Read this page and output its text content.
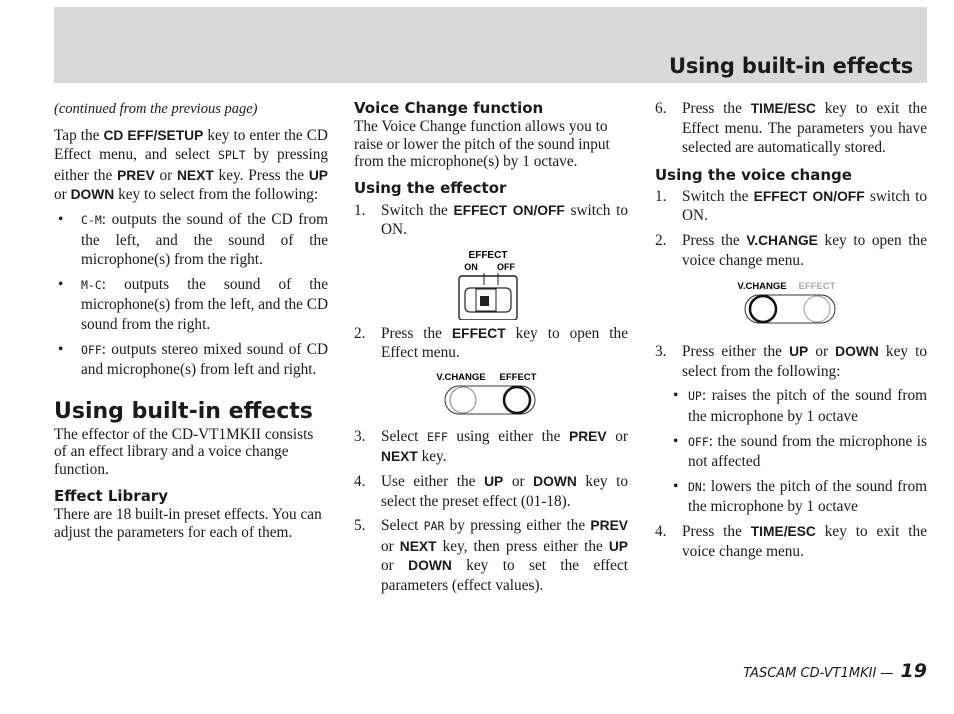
Using built-in effects

(continued from the previous page)

Tap the CD EFF/SETUP key to enter the CD Effect menu, and select SPLT by pressing either the PREV or NEXT key. Press the UP or DOWN key to select from the following:

• C-M: outputs the sound of the CD from the left, and the sound of the microphone(s) from the right.
• M-C: outputs the sound of the microphone(s) from the left, and the CD sound from the right.
• OFF: outputs stereo mixed sound of CD and microphone(s) from left and right.
Using built-in effects

The effector of the CD-VT1MKII consists of an effect library and a voice change function.

Effect Library

There are 18 built-in preset effects. You can adjust the parameters for each of them.

Voice Change function

The Voice Change function allows you to raise or lower the pitch of the sound input from the microphone(s) by 1 octave.

Using the effector
1. Switch the EFFECT ON/OFF switch to ON.
EFFECT
ON OFF
2. Press the EFFECT key to open the Effect menu.
V.CHANGE EFFECT
3. Select EFF using either the PREV or NEXT key.
4. Use either the UP or DOWN key to select the preset effect (01-18).
5. Select PAR by pressing either the PREV or NEXT key, then press either the UP or DOWN key to set the effect parameters (effect values).
6. Press the TIME/ESC key to exit the Effect menu. The parameters you have selected are automatically stored.
Using the voice change
1. Switch the EFFECT ON/OFF switch to ON.
2. Press the V.CHANGE key to open the voice change menu.
V.CHANGE EFFECT
3. Press either the UP or DOWN key to select from the following:
• UP: raises the pitch of the sound from the microphone by 1 octave
• OFF: the sound from the microphone is not affected
• DN: lowers the pitch of the sound from the microphone by 1 octave
4. Press the TIME/ESC key to exit the voice change menu.
TASCAM CD-VT1MKII — 19
